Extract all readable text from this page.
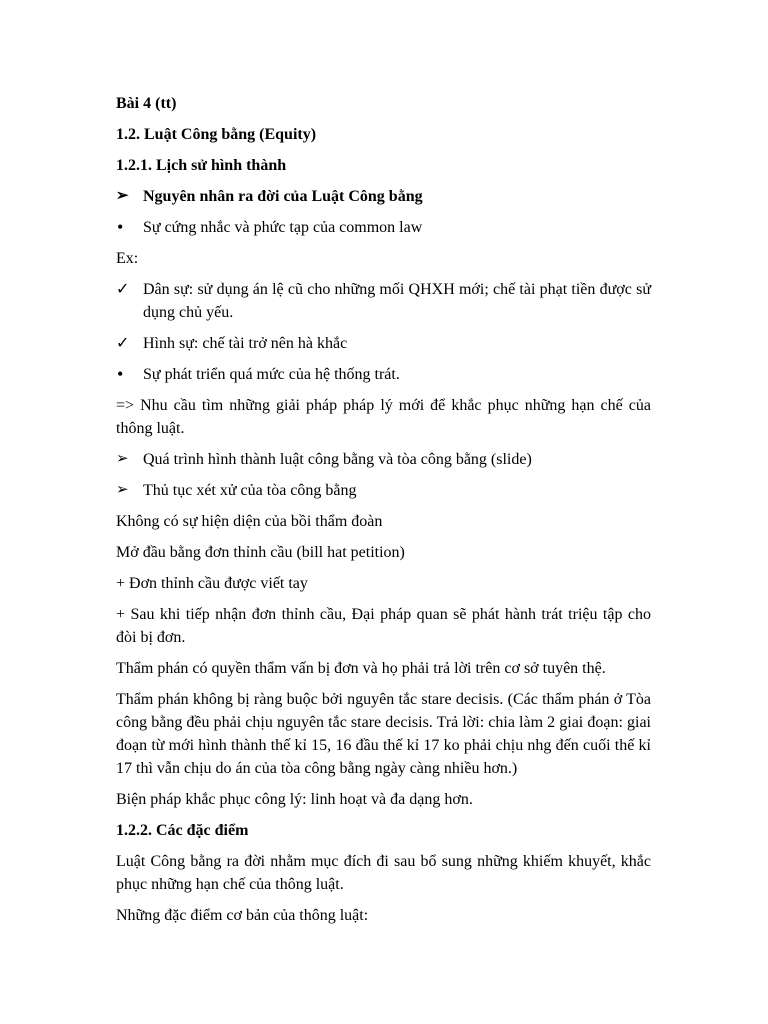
Bài 4 (tt)

1.2. Luật Công bằng (Equity)

1.2.1. Lịch sử hình thành

➢ Nguyên nhân ra đời của Luật Công bằng
•	Sự cứng nhắc và phức tạp của common law

Ex:

✓ Dân sự: sử dụng án lệ cũ cho những mối QHXH mới; chế tài phạt tiền được sử dụng chủ yếu.
✓ Hình sự: chế tài trở nên hà khắc
•	Sự phát triển quá mức của hệ thống trát.

=> Nhu cầu tìm những giải pháp pháp lý mới để khắc phục những hạn chế của thông luật.

➢ Quá trình hình thành luật công bằng và tòa công bằng (slide)
➢ Thủ tục xét xử của tòa công bằng

Không có sự hiện diện của bồi thẩm đoàn

Mở đầu bằng đơn thỉnh cầu (bill hat petition)

+ Đơn thỉnh cầu được viết tay

+ Sau khi tiếp nhận đơn thỉnh cầu, Đại pháp quan sẽ phát hành trát triệu tập cho đòi bị đơn.

Thẩm phán có quyền thẩm vấn bị đơn và họ phải trả lời trên cơ sở tuyên thệ.

Thẩm phán không bị ràng buộc bởi nguyên tắc stare decisis. (Các thẩm phán ở Tòa công bằng đều phải chịu nguyên tắc stare decisis. Trả lời: chia làm 2 giai đoạn: giai đoạn từ mới hình thành thế kỉ 15, 16 đầu thế kỉ 17 ko phải chịu nhg đến cuối thế kỉ 17 thì vẫn chịu do án của tòa công bằng ngày càng nhiều hơn.)

Biện pháp khắc phục công lý: linh hoạt và đa dạng hơn.

1.2.2. Các đặc điểm

Luật Công bằng ra đời nhằm mục đích đi sau bổ sung những khiếm khuyết, khắc phục những hạn chế của thông luật.

Những đặc điểm cơ bản của thông luật:
